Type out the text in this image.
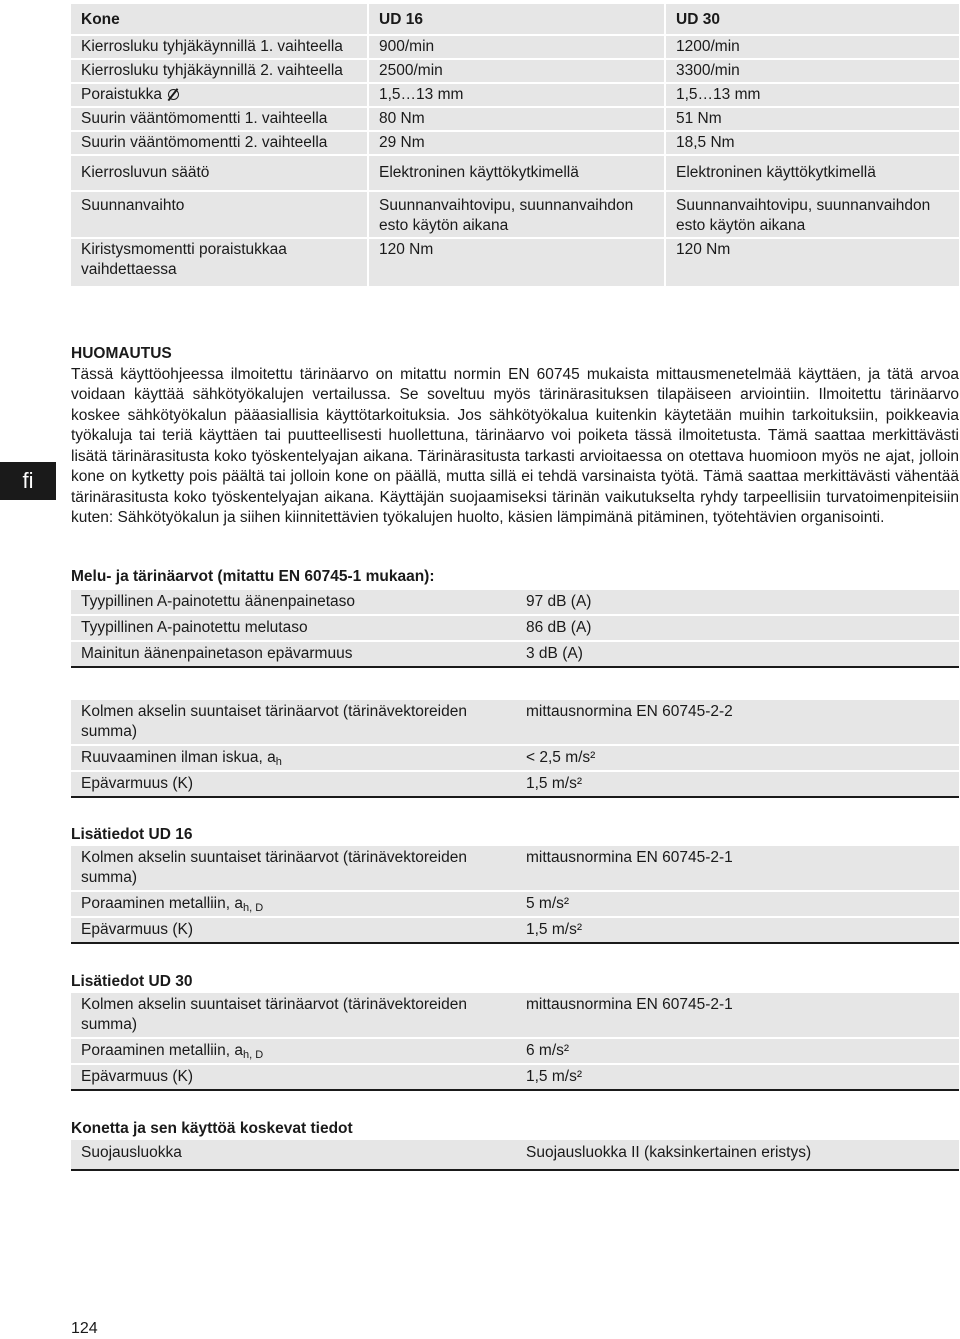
fi
Kone	UD 16	UD 30
Kierrosluku tyhjäkäynnillä 1. vaihteella	900/min	1200/min
Kierrosluku tyhjäkäynnillä 2. vaihteella	2500/min	3300/min
Poraistukka	1,5…13 mm	1,5…13 mm
Suurin vääntömomentti 1. vaihteella	80 Nm	51 Nm
Suurin vääntömomentti 2. vaihteella	29 Nm	18,5 Nm
Kierrosluvun säätö	Elektroninen käyttökytkimellä	Elektroninen käyttökytkimellä
Suunnanvaihto	Suunnanvaihtovipu, suunnanvaihdon esto käytön aikana	Suunnanvaihtovipu, suunnanvaihdon esto käytön aikana
Kiristysmomentti poraistukkaa vaihdettaessa	120 Nm	120 Nm
HUOMAUTUS
Tässä käyttöohjeessa ilmoitettu tärinäarvo on mitattu normin EN 60745 mukaista mittausmenetelmää käyttäen, ja tätä arvoa voidaan käyttää sähkötyökalujen vertailussa. Se soveltuu myös tärinärasituksen tilapäiseen arviointiin. Ilmoitettu tärinäarvo koskee sähkötyökalun pääasiallisia käyttötarkoituksia. Jos sähkötyökalua kuitenkin käytetään muihin tarkoituksiin, poikkeavia työkaluja tai teriä käyttäen tai puutteellisesti huollettuna, tärinäarvo voi poiketa tässä ilmoitetusta. Tämä saattaa merkittävästi lisätä tärinärasitusta koko työskentelyajan aikana. Tärinärasitusta tarkasti arvioitaessa on otettava huomioon myös ne ajat, jolloin kone on kytketty pois päältä tai jolloin kone on päällä, mutta sillä ei tehdä varsinaista työtä. Tämä saattaa merkittävästi vähentää tärinärasitusta koko työskentelyajan aikana. Käyttäjän suojaamiseksi tärinän vaikutukselta ryhdy tarpeellisiin turvatoimenpiteisiin kuten: Sähkötyökalun ja siihen kiinnitettävien työkalujen huolto, käsien lämpimänä pitäminen, työtehtävien organisointi.
Melu- ja tärinäarvot (mitattu EN 60745-1 mukaan):
Tyypillinen A-painotettu äänenpainetaso	97 dB (A)
Tyypillinen A-painotettu melutaso	86 dB (A)
Mainitun äänenpainetason epävarmuus	3 dB (A)
Kolmen akselin suuntaiset tärinäarvot (tärinävektoreiden summa)	mittausnormina EN 60745-2-2
Ruuvaaminen ilman iskua, $a_h$	< 2,5 m/s²
Epävarmuus (K)	1,5 m/s²
Lisätiedot UD 16
Kolmen akselin suuntaiset tärinäarvot (tärinävektoreiden summa)	mittausnormina EN 60745-2-1
Poraaminen metalliin, $a_{h, D}$	5 m/s²
Epävarmuus (K)	1,5 m/s²
Lisätiedot UD 30
Kolmen akselin suuntaiset tärinäarvot (tärinävektoreiden summa)	mittausnormina EN 60745-2-1
Poraaminen metalliin, $a_{h, D}$	6 m/s²
Epävarmuus (K)	1,5 m/s²
Konetta ja sen käyttöä koskevat tiedot
Suojausluokka	Suojausluokka II (kaksinkertainen eristys)
124
